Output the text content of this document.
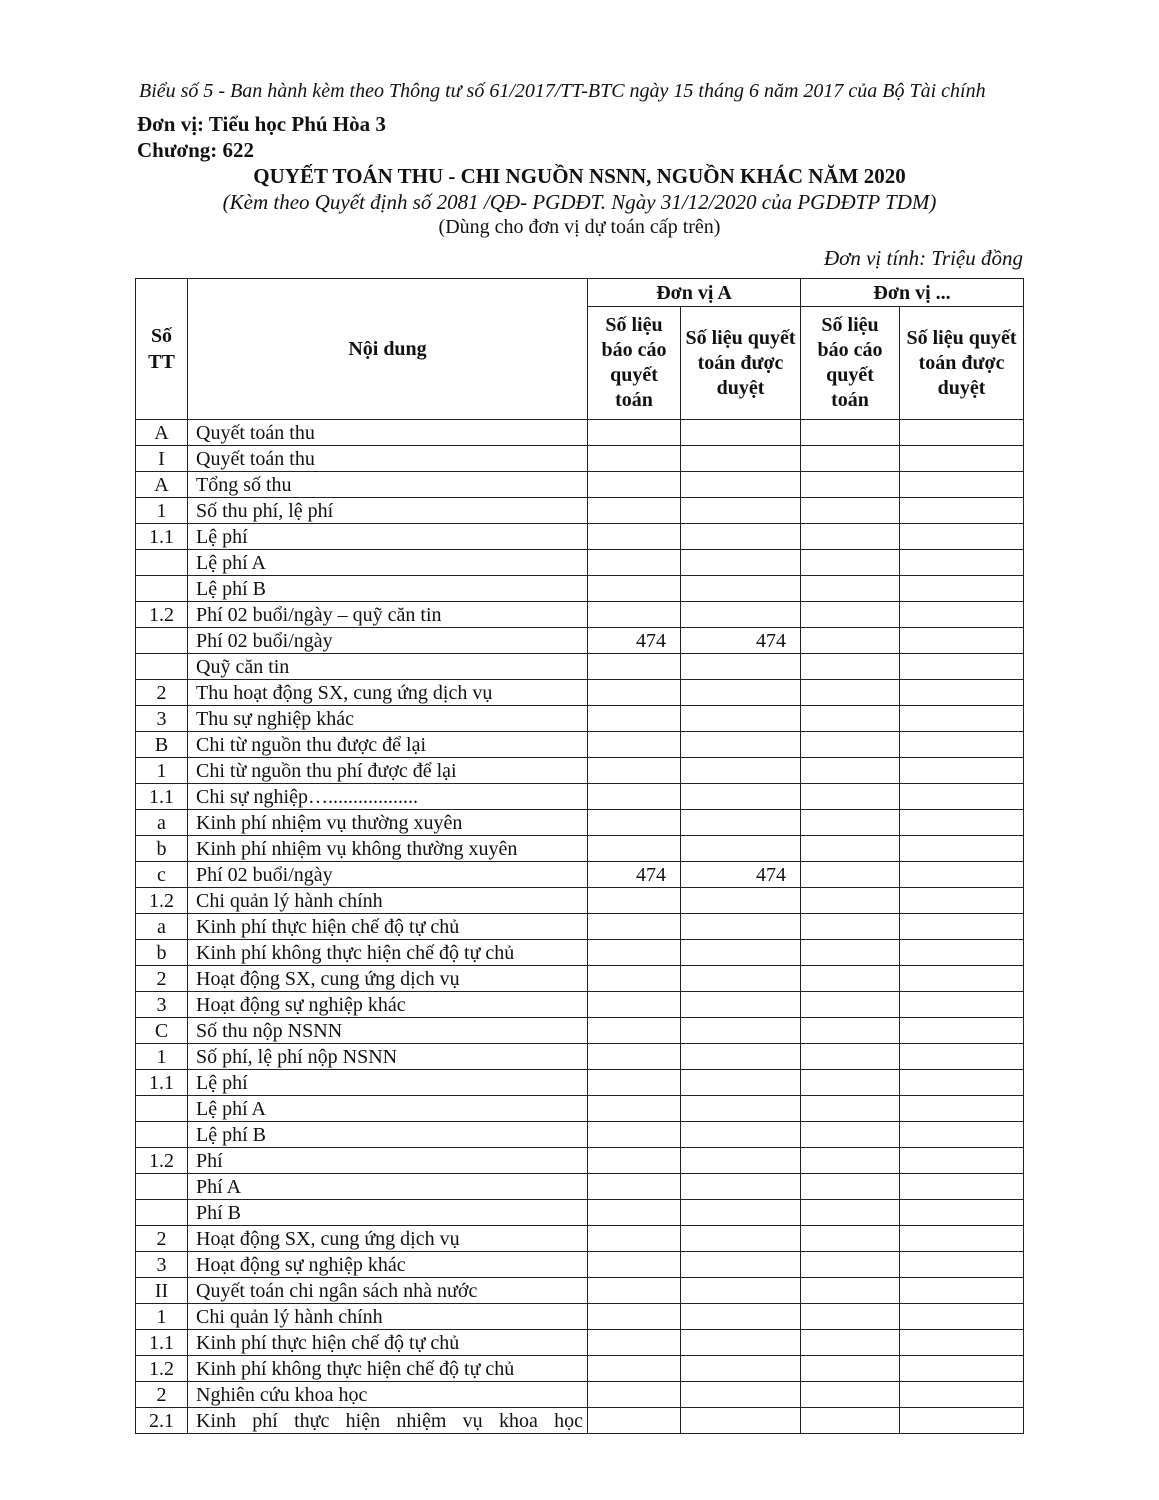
Biểu số 5 - Ban hành kèm theo Thông tư số 61/2017/TT-BTC ngày 15 tháng 6 năm 2017 của Bộ Tài chính
Đơn vị: Tiểu học Phú Hòa 3
Chương: 622
QUYẾT TOÁN THU - CHI NGUỒN NSNN, NGUỒN KHÁC NĂM 2020
(Kèm theo Quyết định số 2081 /QĐ- PGDĐT. Ngày 31/12/2020 của PGDĐTP TDM)
(Dùng cho đơn vị dự toán cấp trên)
Đơn vị tính: Triệu đồng
Số TT	Nội dung	Đơn vị A		Đơn vị ...	
		Số liệu báo cáo quyết toán	Số liệu quyết toán được duyệt	Số liệu báo cáo quyết toán	Số liệu quyết toán được duyệt
A	Quyết toán thu				
I	Quyết toán thu				
A	Tổng số thu				
1	Số thu phí, lệ phí				
1.1	Lệ phí				
	Lệ phí A				
	Lệ phí B				
1.2	Phí 02 buổi/ngày – quỹ căn tin				
	Phí 02 buổi/ngày	474	474		
	Quỹ căn tin				
2	Thu hoạt động SX, cung ứng dịch vụ				
3	Thu sự nghiệp khác				
B	Chi từ nguồn thu được để lại				
1	Chi từ nguồn thu phí được để lại				
1.1	Chi sự nghiệp…..................				
a	Kinh phí nhiệm vụ thường xuyên				
b	Kinh phí nhiệm vụ không thường xuyên				
c	Phí 02 buổi/ngày	474	474		
1.2	Chi quản lý hành chính				
a	Kinh phí thực hiện chế độ tự chủ				
b	Kinh phí không thực hiện chế độ tự chủ				
2	Hoạt động SX, cung ứng dịch vụ				
3	Hoạt động sự nghiệp khác				
C	Số thu nộp NSNN				
1	Số phí, lệ phí nộp NSNN				
1.1	Lệ phí				
	Lệ phí A				
	Lệ phí B				
1.2	Phí				
	Phí A				
	Phí B				
2	Hoạt động SX, cung ứng dịch vụ				
3	Hoạt động sự nghiệp khác				
II	Quyết toán chi ngân sách nhà nước				
1	Chi quản lý hành chính				
1.1	Kinh phí thực hiện chế độ tự chủ				
1.2	Kinh phí không thực hiện chế độ tự chủ				
2	Nghiên cứu khoa học				
2.1	Kinh phí thực hiện nhiệm vụ khoa học				
